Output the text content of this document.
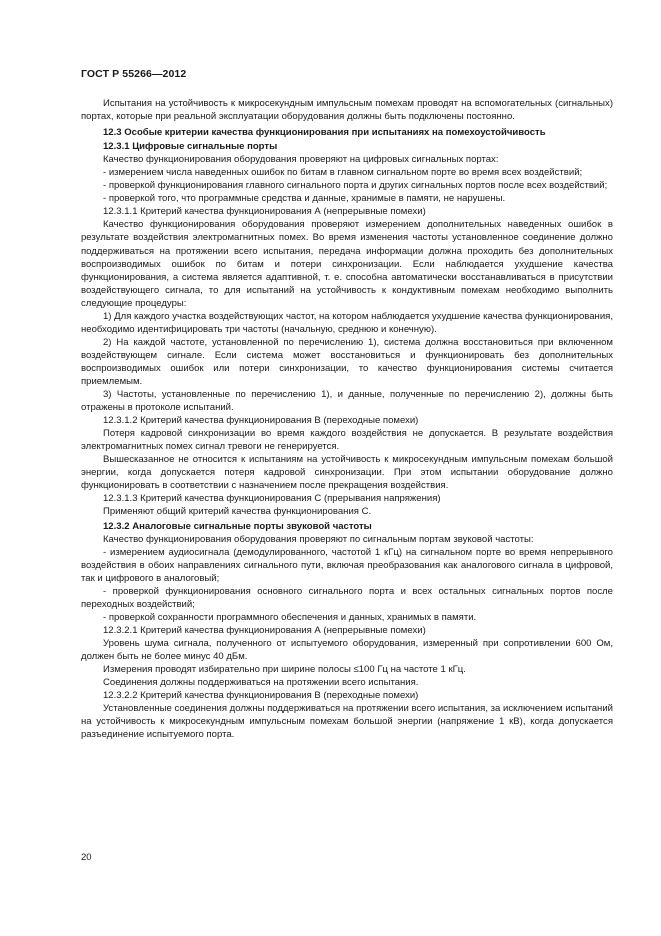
ГОСТ Р 55266—2012

Испытания на устойчивость к микросекундным импульсным помехам проводят на вспомогательных (сигнальных) портах, которые при реальной эксплуатации оборудования должны быть подключены постоянно.

12.3 Особые критерии качества функционирования при испытаниях на помехоустойчивость

12.3.1 Цифровые сигнальные порты

Качество функционирования оборудования проверяют на цифровых сигнальных портах:

- измерением числа наведенных ошибок по битам в главном сигнальном порте во время всех воздействий;

- проверкой функционирования главного сигнального порта и других сигнальных портов после всех воздействий;

- проверкой того, что программные средства и данные, хранимые в памяти, не нарушены.

12.3.1.1 Критерий качества функционирования А (непрерывные помехи)

Качество функционирования оборудования проверяют измерением дополнительных наведенных ошибок в результате воздействия электромагнитных помех. Во время изменения частоты установленное соединение должно поддерживаться на протяжении всего испытания, передача информации должна проходить без дополнительных воспроизводимых ошибок по битам и потери синхронизации. Если наблюдается ухудшение качества функционирования, а система является адаптивной, т. е. способна автоматически восстанавливаться в присутствии воздействующего сигнала, то для испытаний на устойчивость к кондуктивным помехам необходимо выполнить следующие процедуры:

1) Для каждого участка воздействующих частот, на котором наблюдается ухудшение качества функционирования, необходимо идентифицировать три частоты (начальную, среднюю и конечную).

2) На каждой частоте, установленной по перечислению 1), система должна восстановиться при включенном воздействующем сигнале. Если система может восстановиться и функционировать без дополнительных воспроизводимых ошибок или потери синхронизации, то качество функционирования системы считается приемлемым.

3) Частоты, установленные по перечислению 1), и данные, полученные по перечислению 2), должны быть отражены в протоколе испытаний.

12.3.1.2 Критерий качества функционирования В (переходные помехи)

Потеря кадровой синхронизации во время каждого воздействия не допускается. В результате воздействия электромагнитных помех сигнал тревоги не генерируется.

Вышесказанное не относится к испытаниям на устойчивость к микросекундным импульсным помехам большой энергии, когда допускается потеря кадровой синхронизации. При этом испытании оборудование должно функционировать в соответствии с назначением после прекращения воздействия.

12.3.1.3 Критерий качества функционирования С (прерывания напряжения)

Применяют общий критерий качества функционирования С.

12.3.2 Аналоговые сигнальные порты звуковой частоты

Качество функционирования оборудования проверяют по сигнальным портам звуковой частоты:

- измерением аудиосигнала (демодулированного, частотой 1 кГц) на сигнальном порте во время непрерывного воздействия в обоих направлениях сигнального пути, включая преобразования как аналогового сигнала в цифровой, так и цифрового в аналоговый;

- проверкой функционирования основного сигнального порта и всех остальных сигнальных портов после переходных воздействий;

- проверкой сохранности программного обеспечения и данных, хранимых в памяти.

12.3.2.1 Критерий качества функционирования А (непрерывные помехи)

Уровень шума сигнала, полученного от испытуемого оборудования, измеренный при сопротивлении 600 Ом, должен быть не более минус 40 дБм.

Измерения проводят избирательно при ширине полосы ≤100 Гц на частоте 1 кГц.

Соединения должны поддерживаться на протяжении всего испытания.

12.3.2.2 Критерий качества функционирования В (переходные помехи)

Установленные соединения должны поддерживаться на протяжении всего испытания, за исключением испытаний на устойчивость к микросекундным импульсным помехам большой энергии (напряжение 1 кВ), когда допускается разъединение испытуемого порта.

20
